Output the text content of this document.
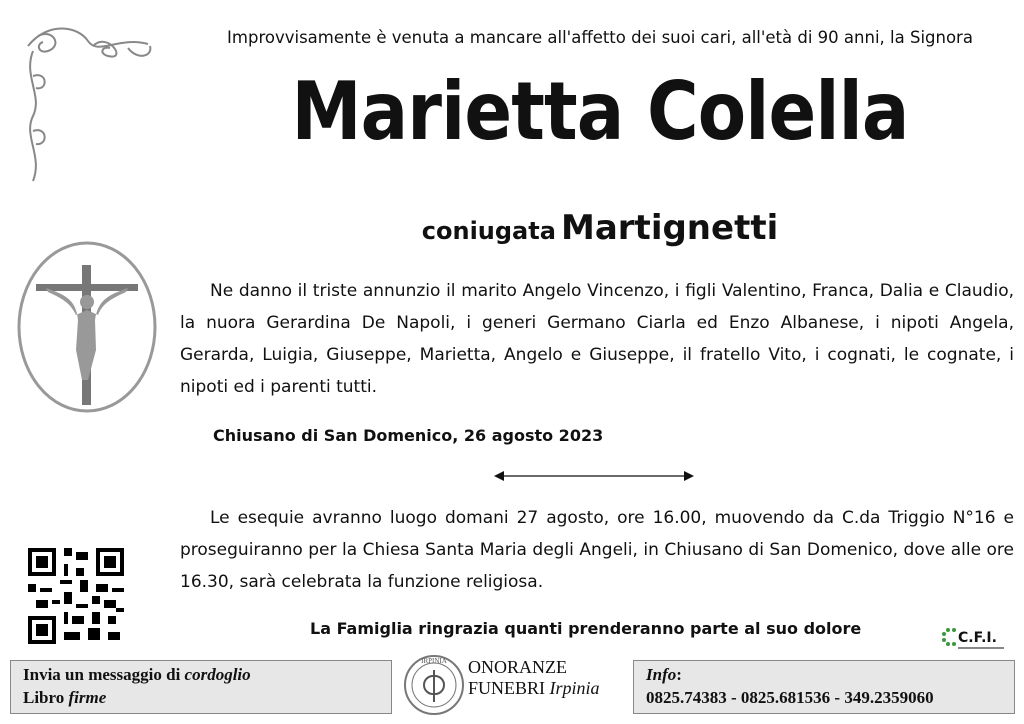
Improvvisamente è venuta a mancare all'affetto dei suoi cari, all'età di 90 anni, la Signora
Marietta Colella
coniugata Martignetti
Ne danno il triste annunzio il marito Angelo Vincenzo, i figli Valentino, Franca, Dalia e Claudio, la nuora Gerardina De Napoli, i generi Germano Ciarla ed Enzo Albanese, i nipoti Angela, Gerarda, Luigia, Giuseppe, Marietta, Angelo e Giuseppe, il fratello Vito, i cognati, le cognate, i nipoti ed i parenti tutti.
Chiusano di San Domenico, 26 agosto 2023
Le esequie avranno luogo domani 27 agosto, ore 16.00, muovendo da C.da Triggio N°16 e proseguiranno per la Chiesa Santa Maria degli Angeli, in Chiusano di San Domenico, dove alle ore 16.30, sarà celebrata la funzione religiosa.
La Famiglia ringrazia quanti prenderanno parte al suo dolore	C.F.I.
Invia un messaggio di cordoglio
Libro firme
IRPINIA ONORANZE
FUNEBRI Irpinia
Info:
0825.74383 - 0825.681536 - 349.2359060
